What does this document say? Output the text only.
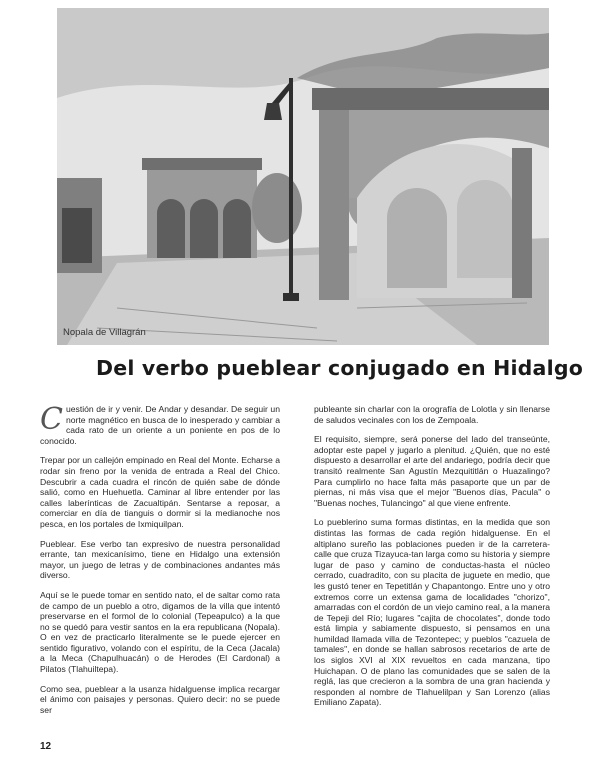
Nopala de Villagrán
Del verbo pueblear conjugado en Hidalgo

Cuestión de ir y venir. De Andar y desandar. De seguir un norte magnético en busca de lo inesperado y cambiar a cada rato de un oriente a un poniente en pos de lo conocido.

Trepar por un callejón empinado en Real del Monte. Echarse a rodar sin freno por la venida de entrada a Real del Chico. Descubrir a cada cuadra el rincón de quién sabe de dónde salió, como en Huehuetla. Caminar al libre entender por las calles laberínticas de Zacualtipán. Sentarse a reposar, a comerciar en día de tianguis o dormir si la medianoche nos pesca, en los portales de Ixmiquilpan.

Pueblear. Ese verbo tan expresivo de nuestra personalidad errante, tan mexicanísimo, tiene en Hidalgo una extensión mayor, un juego de letras y de combinaciones andantes más diverso.

Aquí se le puede tomar en sentido nato, el de saltar como rata de campo de un pueblo a otro, digamos de la villa que intentó preservarse en el formol de lo colonial (Tepeapulco) a la que no se quedó para vestir santos en la era republicana (Nopala). O en vez de practicarlo literalmente se le puede ejercer en sentido figurativo, volando con el espíritu, de la Ceca (Jacala) a la Meca (Chapulhuacán) o de Herodes (El Cardonal) a Pilatos (Tlahuiltepa).

Como sea, pueblear a la usanza hidalguense implica recargar el ánimo con paisajes y personas. Quiero decir: no se puede ser

publeante sin charlar con la orografía de Lolotla y sin llenarse de saludos vecinales con los de Zempoala.

El requisito, siempre, será ponerse del lado del transeúnte, adoptar este papel y jugarlo a plenitud. ¿Quién, que no esté dispuesto a desarrollar el arte del andariego, podría decir que transitó realmente San Agustín Mezquititlán o Huazalingo? Para cumplirlo no hace falta más pasaporte que un par de piernas, ni más visa que el mejor "Buenos días, Pacula" o "Buenas noches, Tulancingo" al que viene enfrente.

Lo pueblerino suma formas distintas, en la medida que son distintas las formas de cada región hidalguense. En el altiplano sureño las poblaciones pueden ir de la carretera-calle que cruza Tizayuca-tan larga como su historia y siempre lugar de paso y camino de conductas-hasta el núcleo cerrado, cuadradito, con su placita de juguete en medio, que les gustó tener en Tepetitlán y Chapantongo. Entre uno y otro extremos corre un extensa gama de localidades "chorizo", amarradas con el cordón de un viejo camino real, a la manera de Tepeji del Río; lugares "cajita de chocolates", donde todo está limpia y sabiamente dispuesto, si pensamos en una humildad llamada villa de Tezontepec; y pueblos "cazuela de tamales", en donde se hallan sabrosos recetarios de arte de los siglos XVI al XIX revueltos en cada manzana, tipo Huichapan. O de plano las comunidades que se salen de la reglá, las que crecieron a la sombra de una gran hacienda y responden al nombre de Tlahuelilpan y San Lorenzo (alias Emiliano Zapata).

12
